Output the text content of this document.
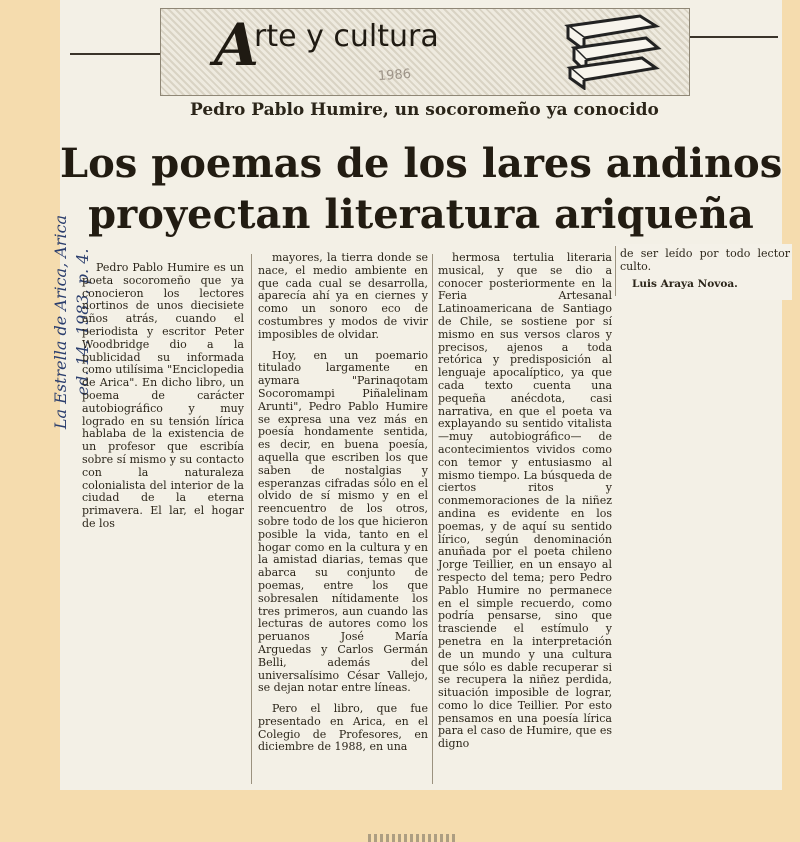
A
rte y cultura
1986
Pedro Pablo Humire, un socoromeño ya conocido
Los poemas de los lares andinos
proyectan literatura ariqueña
La Estrella de Arica, Arica ed. 14, 1983, p. 4. Pedro Pablo Humire es un poeta socoromeño que ya conocieron los lectores nortinos de unos diecisiete años atrás, cuando el periodista y escritor Peter Woodbridge dio a la publicidad su informada como utilísima "Enciclopedia de Arica". En dicho libro, un poema de carácter autobiográfico y muy logrado en su tensión lírica hablaba de la existencia de un profesor que escribía sobre sí mismo y su contacto con la naturaleza colonialista del interior de la ciudad de la eterna primavera. El lar, el hogar de los

mayores, la tierra donde se nace, el medio ambiente en que cada cual se desarrolla, aparecía ahí ya en ciernes y como un sonoro eco de costumbres y modos de vivir imposibles de olvidar.

Hoy, en un poemario titulado largamente en aymara "Parinaqotam Socoromampi Piñalelinam Arunti", Pedro Pablo Humire se expresa una vez más en poesía hondamente sentida, es decir, en buena poesía, aquella que escriben los que saben de nostalgias y esperanzas cifradas sólo en el olvido de sí mismo y en el reencuentro de los otros, sobre todo de los que hicieron posible la vida, tanto en el hogar como en la cultura y en la amistad diarias, temas que abarca su conjunto de poemas, entre los que sobresalen nítidamente los tres primeros, aun cuando las lecturas de autores como los peruanos José María Arguedas y Carlos Germán Belli, además del universalísimo César Vallejo, se dejan notar entre líneas.

Pero el libro, que fue presentado en Arica, en el Colegio de Profesores, en diciembre de 1988, en una

hermosa tertulia literaria musical, y que se dio a conocer posteriormente en la Feria Artesanal Latinoamericana de Santiago de Chile, se sostiene por sí mismo en sus versos claros y precisos, ajenos a toda retórica y predisposición al lenguaje apocalíptico, ya que cada texto cuenta una pequeña anécdota, casi narrativa, en que el poeta va explayando su sentido vitalista —muy autobiográfico— de acontecimientos vividos como con temor y entusiasmo al mismo tiempo. La búsqueda de ciertos ritos y conmemoraciones de la niñez andina es evidente en los poemas, y de aquí su sentido lírico, según denominación anuñada por el poeta chileno Jorge Teillier, en un ensayo al respecto del tema; pero Pedro Pablo Humire no permanece en el simple recuerdo, como podría pensarse, sino que trasciende el estímulo y penetra en la interpretación de un mundo y una cultura que sólo es dable recuperar si se recupera la niñez perdida, situación imposible de lograr, como lo dice Teillier. Por esto pensamos en una poesía lírica para el caso de Humire, que es digno

de ser leído por todo lector culto.

Luis Araya Novoa.
